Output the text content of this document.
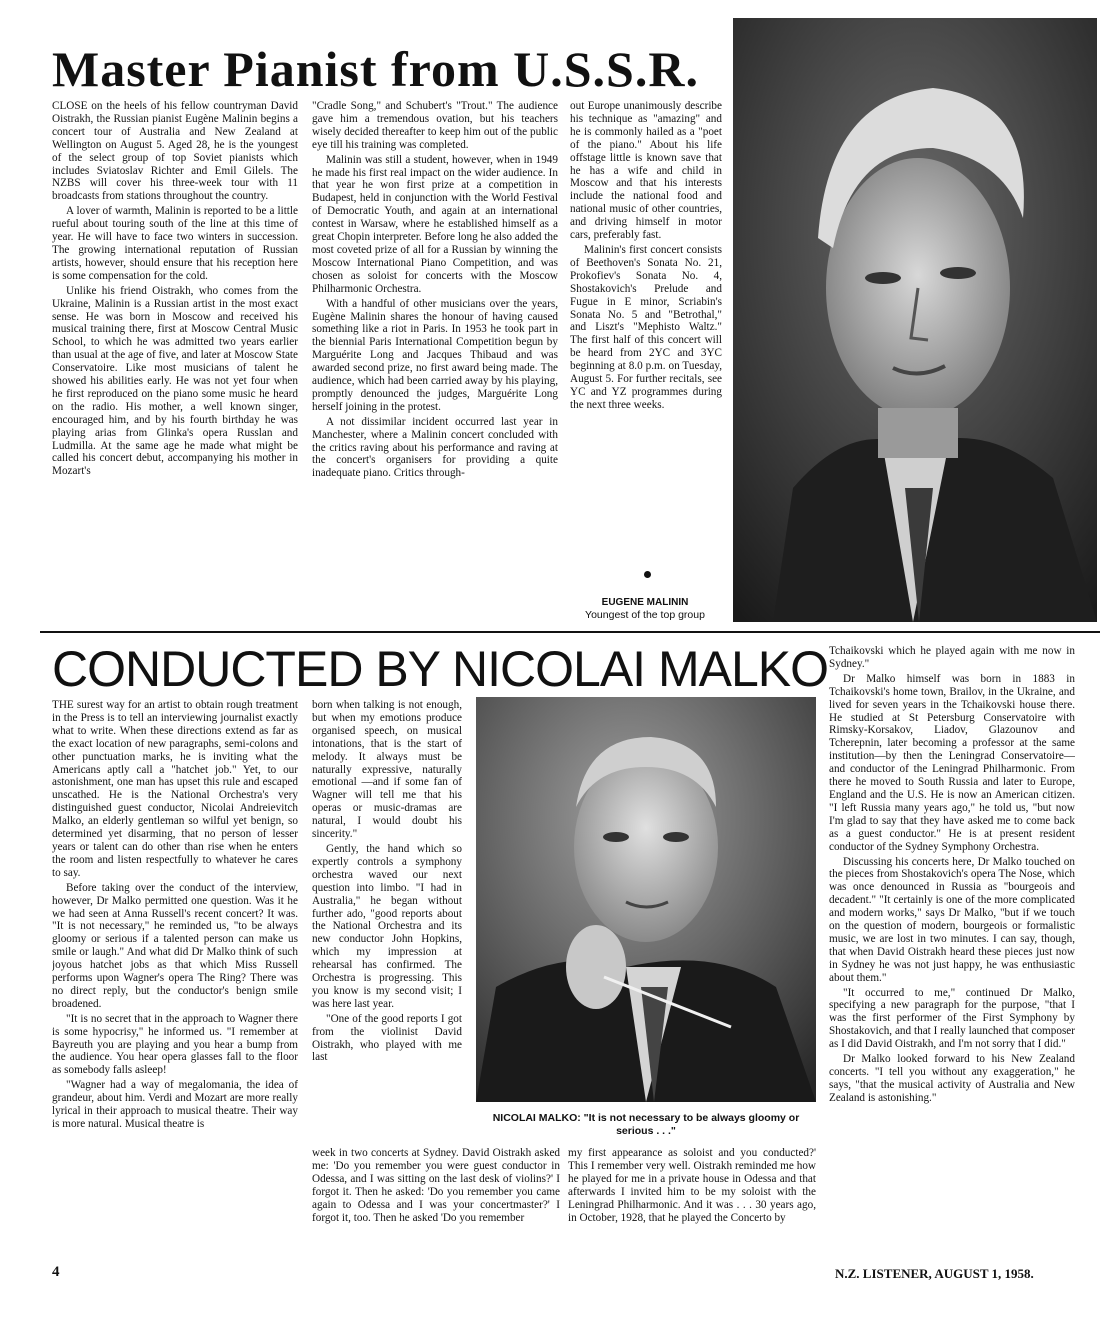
Master Pianist from U.S.S.R.

CLOSE on the heels of his fellow countryman David Oistrakh, the Russian pianist Eugène Malinin begins a concert tour of Australia and New Zealand at Wellington on August 5. Aged 28, he is the youngest of the select group of top Soviet pianists which includes Sviatoslav Richter and Emil Gilels. The NZBS will cover his three-week tour with 11 broadcasts from stations throughout the country.

A lover of warmth, Malinin is reported to be a little rueful about touring south of the line at this time of year. He will have to face two winters in succession. The growing international reputation of Russian artists, however, should ensure that his reception here is some compensation for the cold.

Unlike his friend Oistrakh, who comes from the Ukraine, Malinin is a Russian artist in the most exact sense. He was born in Moscow and received his musical training there, first at Moscow Central Music School, to which he was admitted two years earlier than usual at the age of five, and later at Moscow State Conservatoire. Like most musicians of talent he showed his abilities early. He was not yet four when he first reproduced on the piano some music he heard on the radio. His mother, a well known singer, encouraged him, and by his fourth birthday he was playing arias from Glinka's opera Russlan and Ludmilla. At the same age he made what might be called his concert debut, accompanying his mother in Mozart's

"Cradle Song," and Schubert's "Trout." The audience gave him a tremendous ovation, but his teachers wisely decided thereafter to keep him out of the public eye till his training was completed.

Malinin was still a student, however, when in 1949 he made his first real impact on the wider audience. In that year he won first prize at a competition in Budapest, held in conjunction with the World Festival of Democratic Youth, and again at an international contest in Warsaw, where he established himself as a great Chopin interpreter. Before long he also added the most coveted prize of all for a Russian by winning the Moscow International Piano Competition, and was chosen as soloist for concerts with the Moscow Philharmonic Orchestra.

With a handful of other musicians over the years, Eugène Malinin shares the honour of having caused something like a riot in Paris. In 1953 he took part in the biennial Paris International Competition begun by Marguérite Long and Jacques Thibaud and was awarded second prize, no first award being made. The audience, which had been carried away by his playing, promptly denounced the judges, Marguérite Long herself joining in the protest.

A not dissimilar incident occurred last year in Manchester, where a Malinin concert concluded with the critics raving about his performance and raving at the concert's organisers for providing a quite inadequate piano. Critics through-

out Europe unanimously describe his technique as "amazing" and he is commonly hailed as a "poet of the piano." About his life offstage little is known save that he has a wife and child in Moscow and that his interests include the national food and national music of other countries, and driving himself in motor cars, preferably fast.

Malinin's first concert consists of Beethoven's Sonata No. 21, Prokofiev's Sonata No. 4, Shostakovich's Prelude and Fugue in E minor, Scriabin's Sonata No. 5 and "Betrothal," and Liszt's "Mephisto Waltz." The first half of this concert will be heard from 2YC and 3YC beginning at 8.0 p.m. on Tuesday, August 5. For further recitals, see YC and YZ programmes during the next three weeks.

EUGENE MALININ
Youngest of the top group
CONDUCTED BY NICOLAI MALKO

THE surest way for an artist to obtain rough treatment in the Press is to tell an interviewing journalist exactly what to write. When these directions extend as far as the exact location of new paragraphs, semi-colons and other punctuation marks, he is inviting what the Americans aptly call a "hatchet job." Yet, to our astonishment, one man has upset this rule and escaped unscathed. He is the National Orchestra's very distinguished guest conductor, Nicolai Andreievitch Malko, an elderly gentleman so wilful yet benign, so determined yet disarming, that no person of lesser years or talent can do other than rise when he enters the room and listen respectfully to whatever he cares to say.

Before taking over the conduct of the interview, however, Dr Malko permitted one question. Was it he we had seen at Anna Russell's recent concert? It was. "It is not necessary," he reminded us, "to be always gloomy or serious if a talented person can make us smile or laugh." And what did Dr Malko think of such joyous hatchet jobs as that which Miss Russell performs upon Wagner's opera The Ring? There was no direct reply, but the conductor's benign smile broadened.

"It is no secret that in the approach to Wagner there is some hypocrisy," he informed us. "I remember at Bayreuth you are playing and you hear a bump from the audience. You hear opera glasses fall to the floor as somebody falls asleep!

"Wagner had a way of megalomania, the idea of grandeur, about him. Verdi and Mozart are more really lyrical in their approach to musical theatre. Their way is more natural. Musical theatre is

born when talking is not enough, but when my emotions produce organised speech, on musical intonations, that is the start of melody. It always must be naturally expressive, naturally emotional —and if some fan of Wagner will tell me that his operas or music-dramas are natural, I would doubt his sincerity."

Gently, the hand which so expertly controls a symphony orchestra waved our next question into limbo. "I had in Australia," he began without further ado, "good reports about the National Orchestra and its new conductor John Hopkins, which my impression at rehearsal has confirmed. The Orchestra is progressing. This you know is my second visit; I was here last year.

"One of the good reports I got from the violinist David Oistrakh, who played with me last

NICOLAI MALKO: "It is not necessary to be always gloomy or serious . . ."

week in two concerts at Sydney. David Oistrakh asked me: 'Do you remember you were guest conductor in Odessa, and I was sitting on the last desk of violins?' I forgot it. Then he asked: 'Do you remember you came again to Odessa and I was your concertmaster?' I forgot it, too. Then he asked 'Do you remember

my first appearance as soloist and you conducted?' This I remember very well. Oistrakh reminded me how he played for me in a private house in Odessa and that afterwards I invited him to be my soloist with the Leningrad Philharmonic. And it was . . . 30 years ago, in October, 1928, that he played the Concerto by

Tchaikovski which he played again with me now in Sydney."

Dr Malko himself was born in 1883 in Tchaikovski's home town, Brailov, in the Ukraine, and lived for seven years in the Tchaikovski house there. He studied at St Petersburg Conservatoire with Rimsky-Korsakov, Liadov, Glazounov and Tcherepnin, later becoming a professor at the same institution—by then the Leningrad Conservatoire—and conductor of the Leningrad Philharmonic. From there he moved to South Russia and later to Europe, England and the U.S. He is now an American citizen. "I left Russia many years ago," he told us, "but now I'm glad to say that they have asked me to come back as a guest conductor." He is at present resident conductor of the Sydney Symphony Orchestra.

Discussing his concerts here, Dr Malko touched on the pieces from Shostakovich's opera The Nose, which was once denounced in Russia as "bourgeois and decadent." "It certainly is one of the more complicated and modern works," says Dr Malko, "but if we touch on the question of modern, bourgeois or formalistic music, we are lost in two minutes. I can say, though, that when David Oistrakh heard these pieces just now in Sydney he was not just happy, he was enthusiastic about them."

"It occurred to me," continued Dr Malko, specifying a new paragraph for the purpose, "that I was the first performer of the First Symphony by Shostakovich, and that I really launched that composer as I did David Oistrakh, and I'm not sorry that I did."

Dr Malko looked forward to his New Zealand concerts. "I tell you without any exaggeration," he says, "that the musical activity of Australia and New Zealand is astonishing."

4	N.Z. LISTENER, AUGUST 1, 1958.
